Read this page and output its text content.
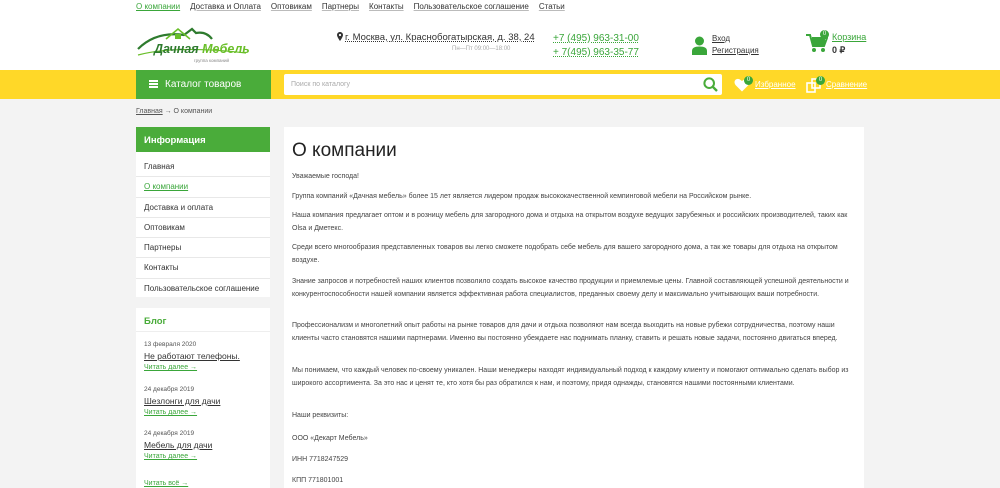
О компании Доставка и Оплата Оптовикам Партнеры Контакты Пользовательское соглашение Статьи
Дачная Мебель
группа компаний
г. Москва, ул. Краснобогатырская, д. 38, 24
Пн—Пт 09:00—18:00
+7 (495) 963-31-00
+ 7(495) 963-35-77
Вход
Регистрация
0 Корзина
0 ₽
Каталог товаров
Поиск по каталогу	0 Избранное	0 Сравнение
Главная → О компании
Информация
Главная
О компании
Доставка и оплата
Оптовикам
Партнеры
Контакты
Пользовательское соглашение
Блог
13 февраля 2020
Не работают телефоны.
Читать далее →
24 декабря 2019
Шезлонги для дачи
Читать далее →
24 декабря 2019
Мебель для дачи
Читать далее →
Читать всё →
О компании

Уважаемые господа!

Группа компаний «Дачная мебель» более 15 лет является лидером продаж высококачественной кемпинговой мебели на Российском рынке.

Наша компания предлагает оптом и в розницу мебель для загородного дома и отдыха на открытом воздухе ведущих зарубежных и российских производителей, таких как Olsa и Дметекс.

Среди всего многообразия представленных товаров вы легко сможете подобрать себе мебель для вашего загородного дома, а так же товары для отдыха на открытом воздухе.

Знание запросов и потребностей наших клиентов позволило создать высокое качество продукции и приемлемые цены. Главной составляющей успешной деятельности и конкурентоспособности нашей компании является эффективная работа специалистов, преданных своему делу и максимально учитывающих ваши потребности.

Профессионализм и многолетний опыт работы на рынке товаров для дачи и отдыха позволяют нам всегда выходить на новые рубежи сотрудничества, поэтому наши клиенты часто становятся нашими партнерами. Именно вы постоянно убеждаете нас поднимать планку, ставить и решать новые задачи, постоянно двигаться вперед.

Мы понимаем, что каждый человек по-своему уникален. Наши менеджеры находят индивидуальный подход к каждому клиенту и помогают оптимально сделать выбор из широкого ассортимента. За это нас и ценят те, кто хотя бы раз обратился к нам, и поэтому, придя однажды, становятся нашими постоянными клиентами.

Наши реквизиты:

ООО «Декарт Мебель»

ИНН 7718247529

КПП 771801001
